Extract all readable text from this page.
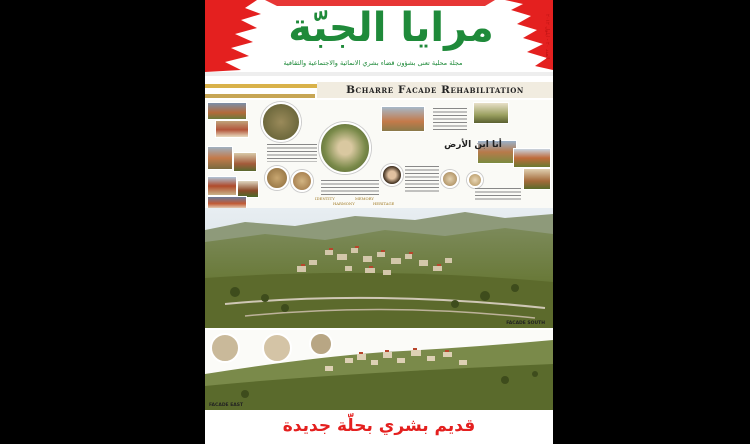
مرايا الجبّة
مجلة محلية تعنى بشؤون قضاء بشري الانمائية والاجتماعية والثقافية
العدد ٢٠ - أيلول ٢٠١٢
Bcharre Facade Rehabilitation
أنا ابن الأرض
IDENTITY
HARMONY
MEMORY
HERITAGE
FACADE SOUTH
FACADE EAST
قديم بشري بحلّة جديدة
